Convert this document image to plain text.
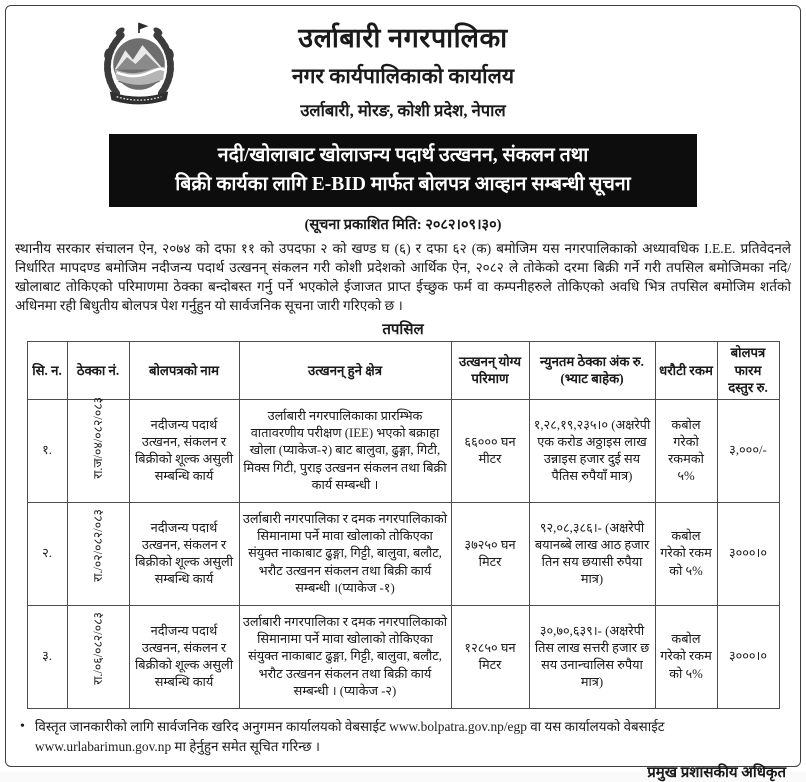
उर्लाबारी नगरपालिका
नगर कार्यपालिकाको कार्यालय
उर्लाबारी, मोरङ, कोशी प्रदेश, नेपाल
नदी/खोलाबाट खोलाजन्य पदार्थ उत्खनन, संकलन तथा
बिक्री कार्यका लागि E-BID मार्फत बोलपत्र आव्हान सम्बन्धी सूचना
(सूचना प्रकाशित मिति: २०८२।०९।३०)
स्थानीय सरकार संचालन ऐन, २०७४ को दफा ११ को उपदफा २ को खण्ड घ (६) र दफा ६२ (क) बमोजिम यस नगरपालिकाको अध्यावधिक I.E.E. प्रतिवेदनले निर्धारित मापदण्ड बमोजिम नदीजन्य पदार्थ उत्खनन् संकलन गरी कोशी प्रदेशको आर्थिक ऐन, २०८२ ले तोकेको दरमा बिक्री गर्ने गरी तपसिल बमोजिमका नदि/खोलाबाट तोकिएको परिमाणमा ठेक्का बन्दोबस्त गर्नु पर्ने भएकोले ईजाजत प्राप्त ईच्छुक फर्म वा कम्पनीहरुले तोकिएको अवधि भित्र तपसिल बमोजिम शर्तको अधिनमा रही बिधुतीय बोलपत्र पेश गर्नुहुन यो सार्वजनिक सूचना जारी गरिएको छ ।
तपसिल
सि. न.	ठेक्का नं.	बोलपत्रको नाम	उत्खनन् हुने क्षेत्र	उत्खनन् योग्य परिमाण	न्युनतम ठेक्का अंक रु. (भ्याट बाहेक)	धरौटी रकम	बोलपत्र फारम दस्तुर रु.
१.	रा.ज/०४/०८२/०८३	नदीजन्य पदार्थ उत्खनन, संकलन र बिक्रीको शूल्क असुली सम्बन्धि कार्य	उर्लाबारी नगरपालिकाका प्रारम्भिक वातावरणीय परीक्षण (IEE) भएको बक्राहा खोला (प्याकेज-२) बाट बालुवा, ढुङ्गा, गिटी, मिक्स गिटी, पुराइ उत्खनन संकलन तथा बिक्री कार्य सम्बन्धी ।	६६००० घन मीटर	१,२८,१९,२३५।० (अक्षरेपी एक करोड अठ्ठाइस लाख उन्नाइस हजार दुई सय पैतिस रुपैयाँ मात्र)	कबोल गरेको रकमको ५%	३,०००/-
२.	रा./०२/०८२/०८३	नदीजन्य पदार्थ उत्खनन, संकलन र बिक्रीको शूल्क असुली सम्बन्धि कार्य	उर्लाबारी नगरपालिका र दमक नगरपालिकाको सिमानामा पर्ने मावा खोलाको तोकिएका संयुक्त नाकाबाट ढुङ्गा, गिट्टी, बालुवा, बलौट, भरौट उत्खनन संकलन तथा बिक्री कार्य सम्बन्धी ।(प्याकेज -१)	३७२५० घन मिटर	९२,०८,३८६।- (अक्षरेपी बयानब्बे लाख आठ हजार तिन सय छयासी रुपैया मात्र)	कबोल गरेको रकम को ५%	३०००।०
३.	रा./०६/०८२/०८३	नदीजन्य पदार्थ उत्खनन, संकलन र बिक्रीको शूल्क असुली सम्बन्धि कार्य	उर्लाबारी नगरपालिका र दमक नगरपालिकाको सिमानामा पर्ने मावा खोलाको तोकिएका संयुक्त नाकाबाट ढुङ्गा, गिट्टी, बालुवा, बलौट, भरौट उत्खनन संकलन तथा बिक्री कार्य सम्बन्धी । (प्याकेज -२)	१२८५० घन मिटर	३०,७०,६३९।- (अक्षरेपी तिस लाख सत्तरी हजार छ सय उनान्चालिस रुपैया मात्र)	कबोल गरेको रकम को ५%	३०००।०
• विस्तृत जानकारीको लागि सार्वजनिक खरिद अनुगमन कार्यालयको वेबसाईट www.bolpatra.gov.np/egp वा यस कार्यालयको वेबसाईट www.urlabarimun.gov.np मा हेर्नुहुन समेत सूचित गरिन्छ ।
प्रमुख प्रशासकीय अधिकृत
